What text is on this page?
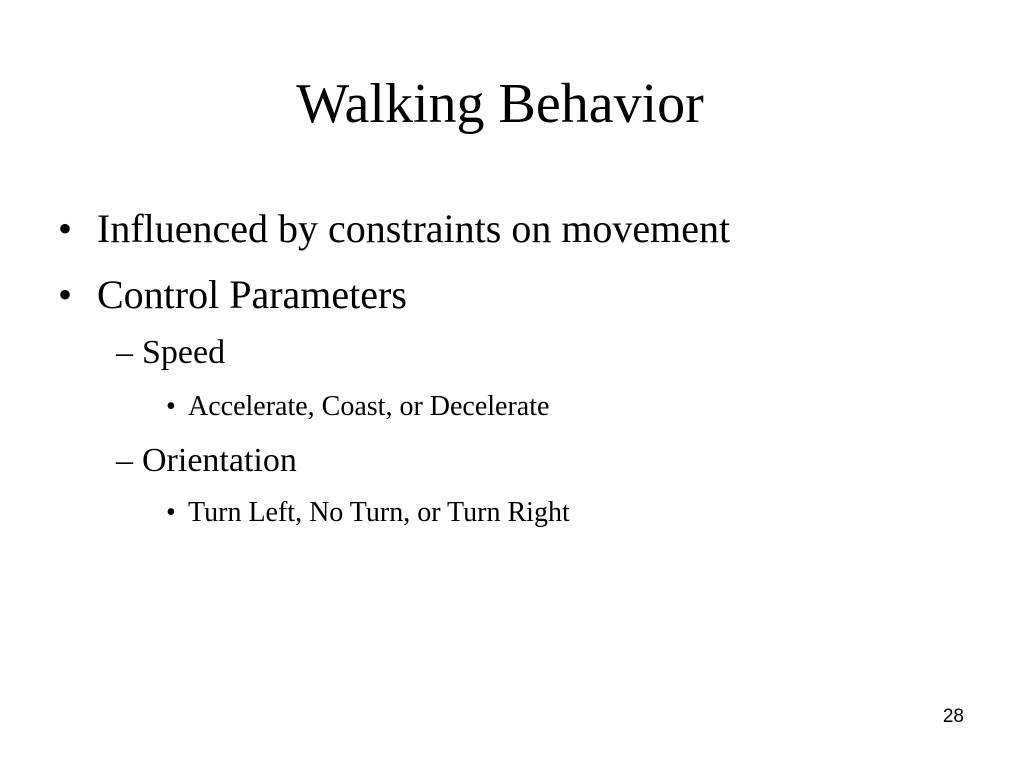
Walking Behavior
• Influenced by constraints on movement
• Control Parameters
– Speed
• Accelerate, Coast, or Decelerate
– Orientation
• Turn Left, No Turn, or Turn Right
28
